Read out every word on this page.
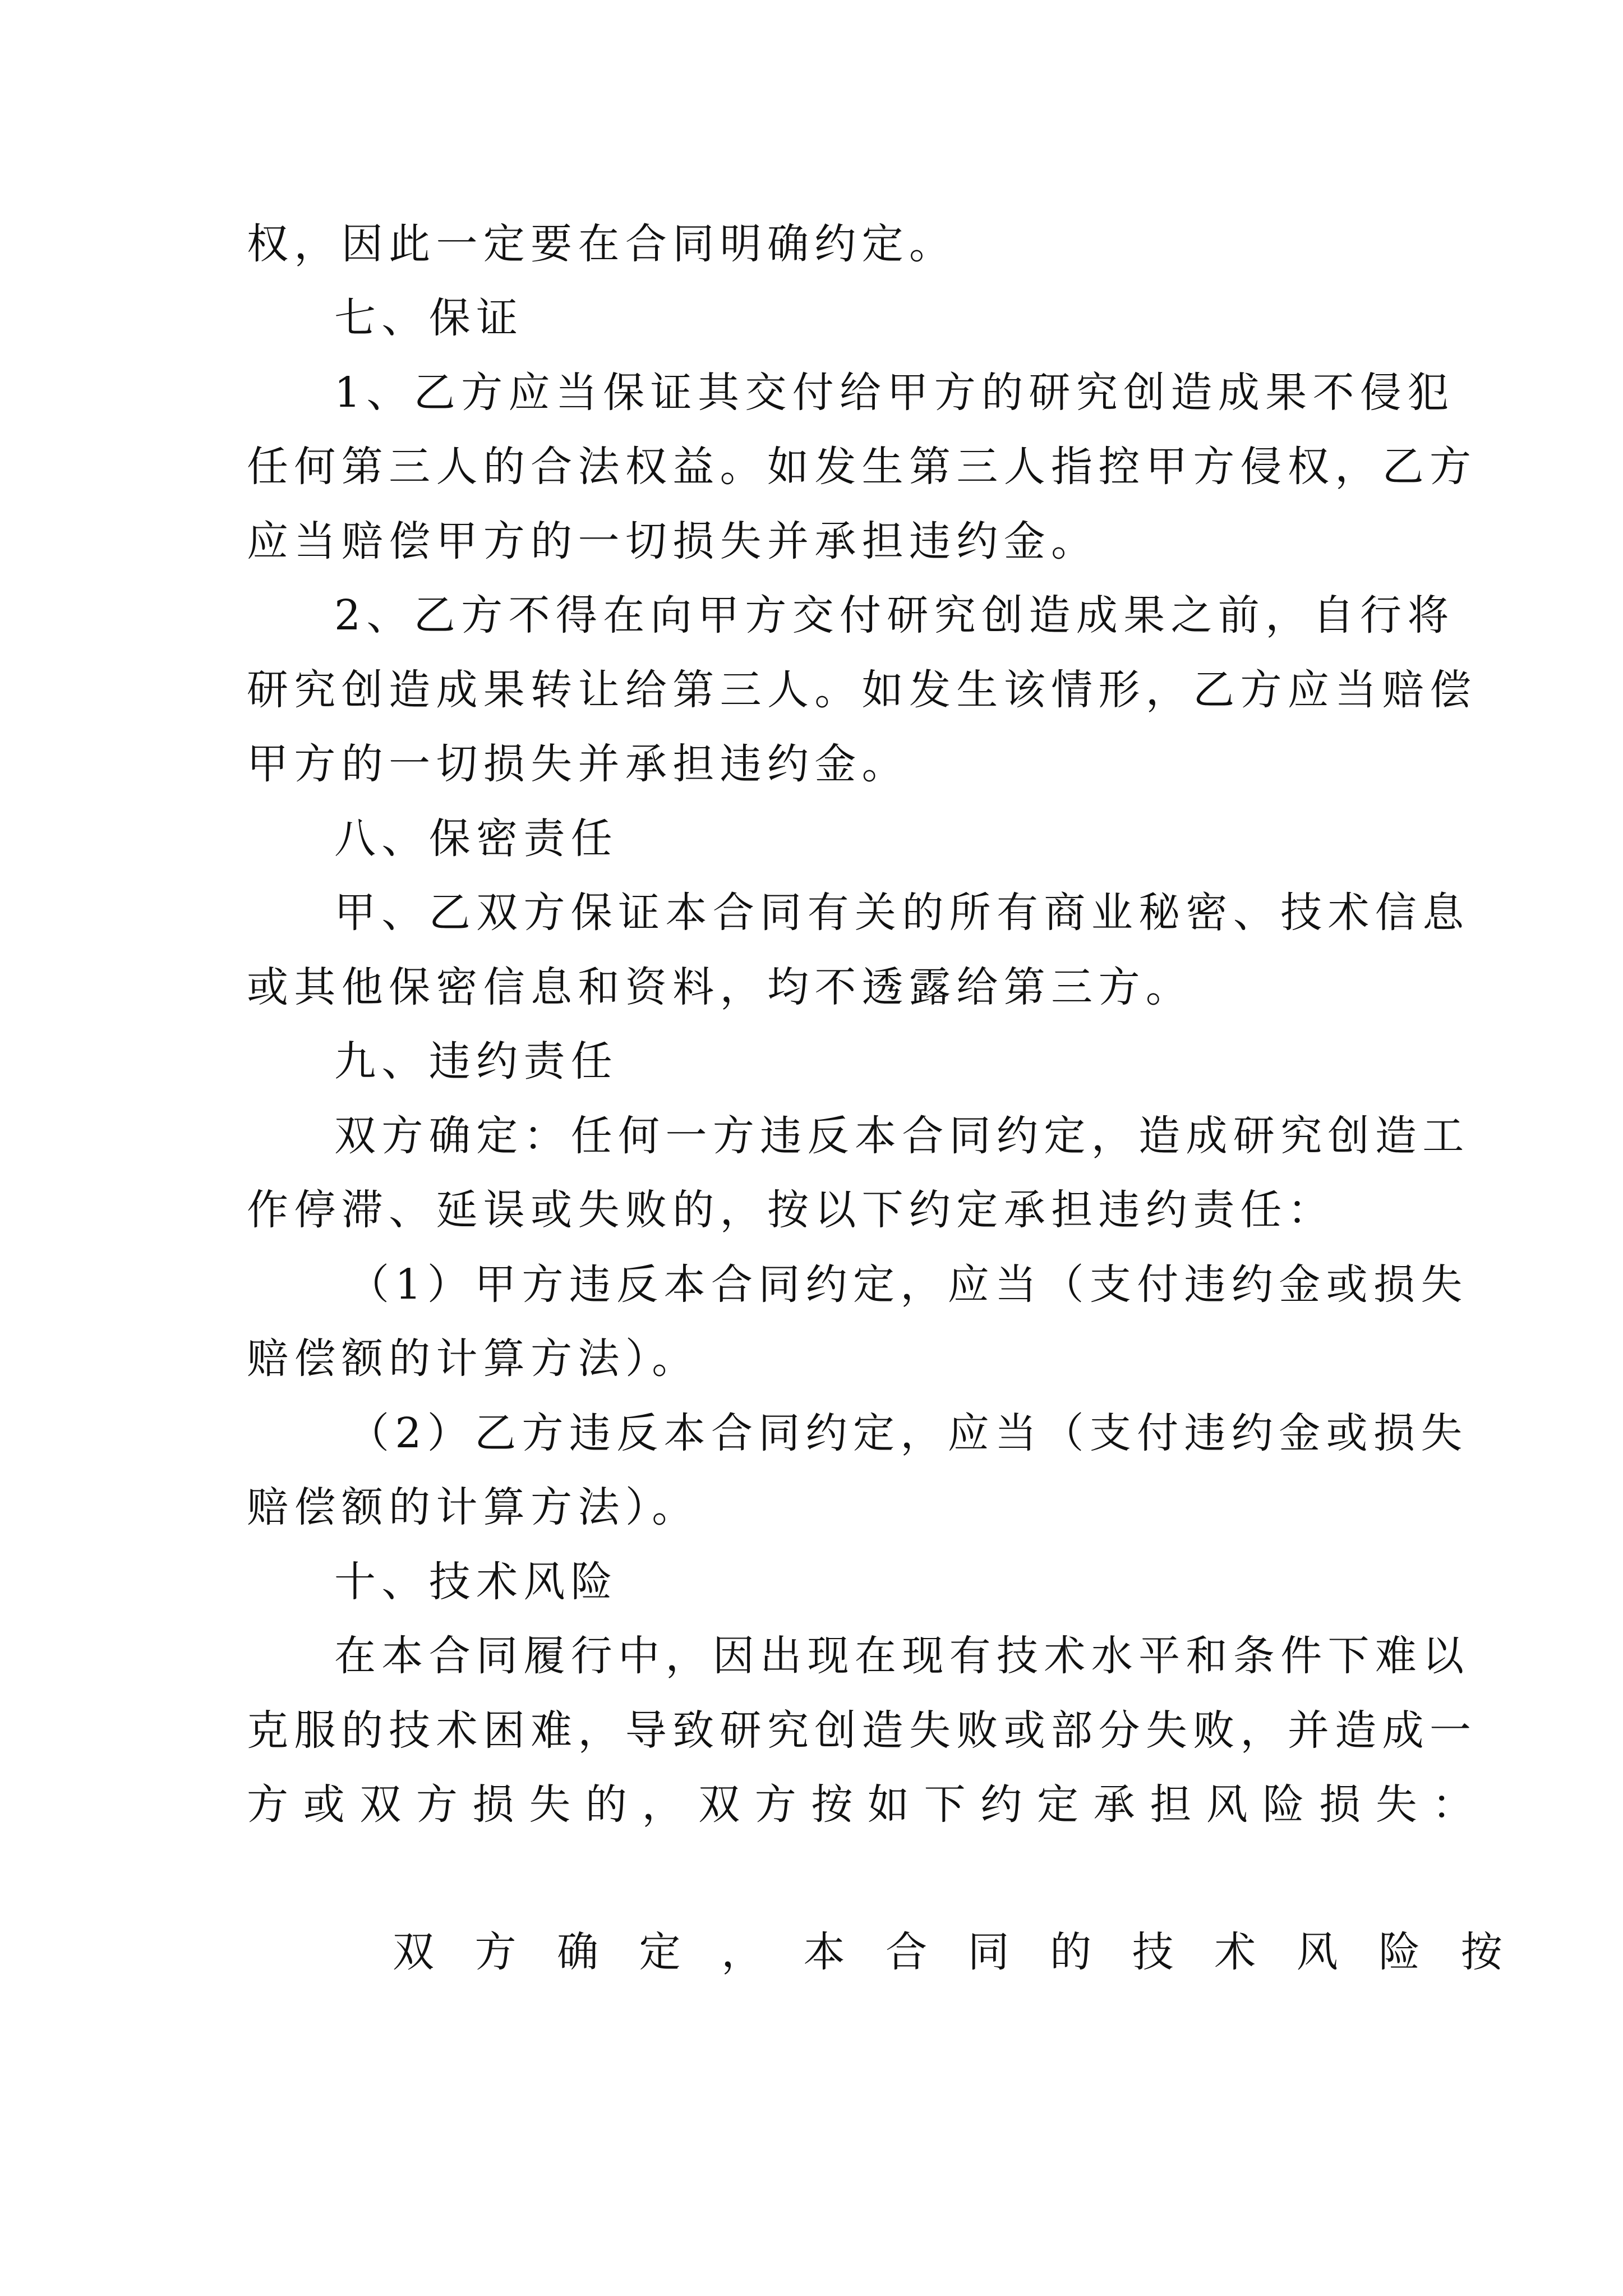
权，因此一定要在合同明确约定。
七、保证
1、乙方应当保证其交付给甲方的研究创造成果不侵犯
任何第三人的合法权益。如发生第三人指控甲方侵权，乙方
应当赔偿甲方的一切损失并承担违约金。
2、乙方不得在向甲方交付研究创造成果之前，自行将
研究创造成果转让给第三人。如发生该情形，乙方应当赔偿
甲方的一切损失并承担违约金。
八、保密责任
甲、乙双方保证本合同有关的所有商业秘密、技术信息
或其他保密信息和资料，均不透露给第三方。
九、违约责任
双方确定：任何一方违反本合同约定，造成研究创造工
作停滞、延误或失败的，按以下约定承担违约责任：
（1）甲方违反本合同约定，应当（支付违约金或损失
赔偿额的计算方法）。
（2）乙方违反本合同约定，应当（支付违约金或损失
赔偿额的计算方法）。
十、技术风险
在本合同履行中，因出现在现有技术水平和条件下难以
克服的技术困难，导致研究创造失败或部分失败，并造成一
方或双方损失的，双方按如下约定承担风险损失：
双方确定，本合同的技术风险按
